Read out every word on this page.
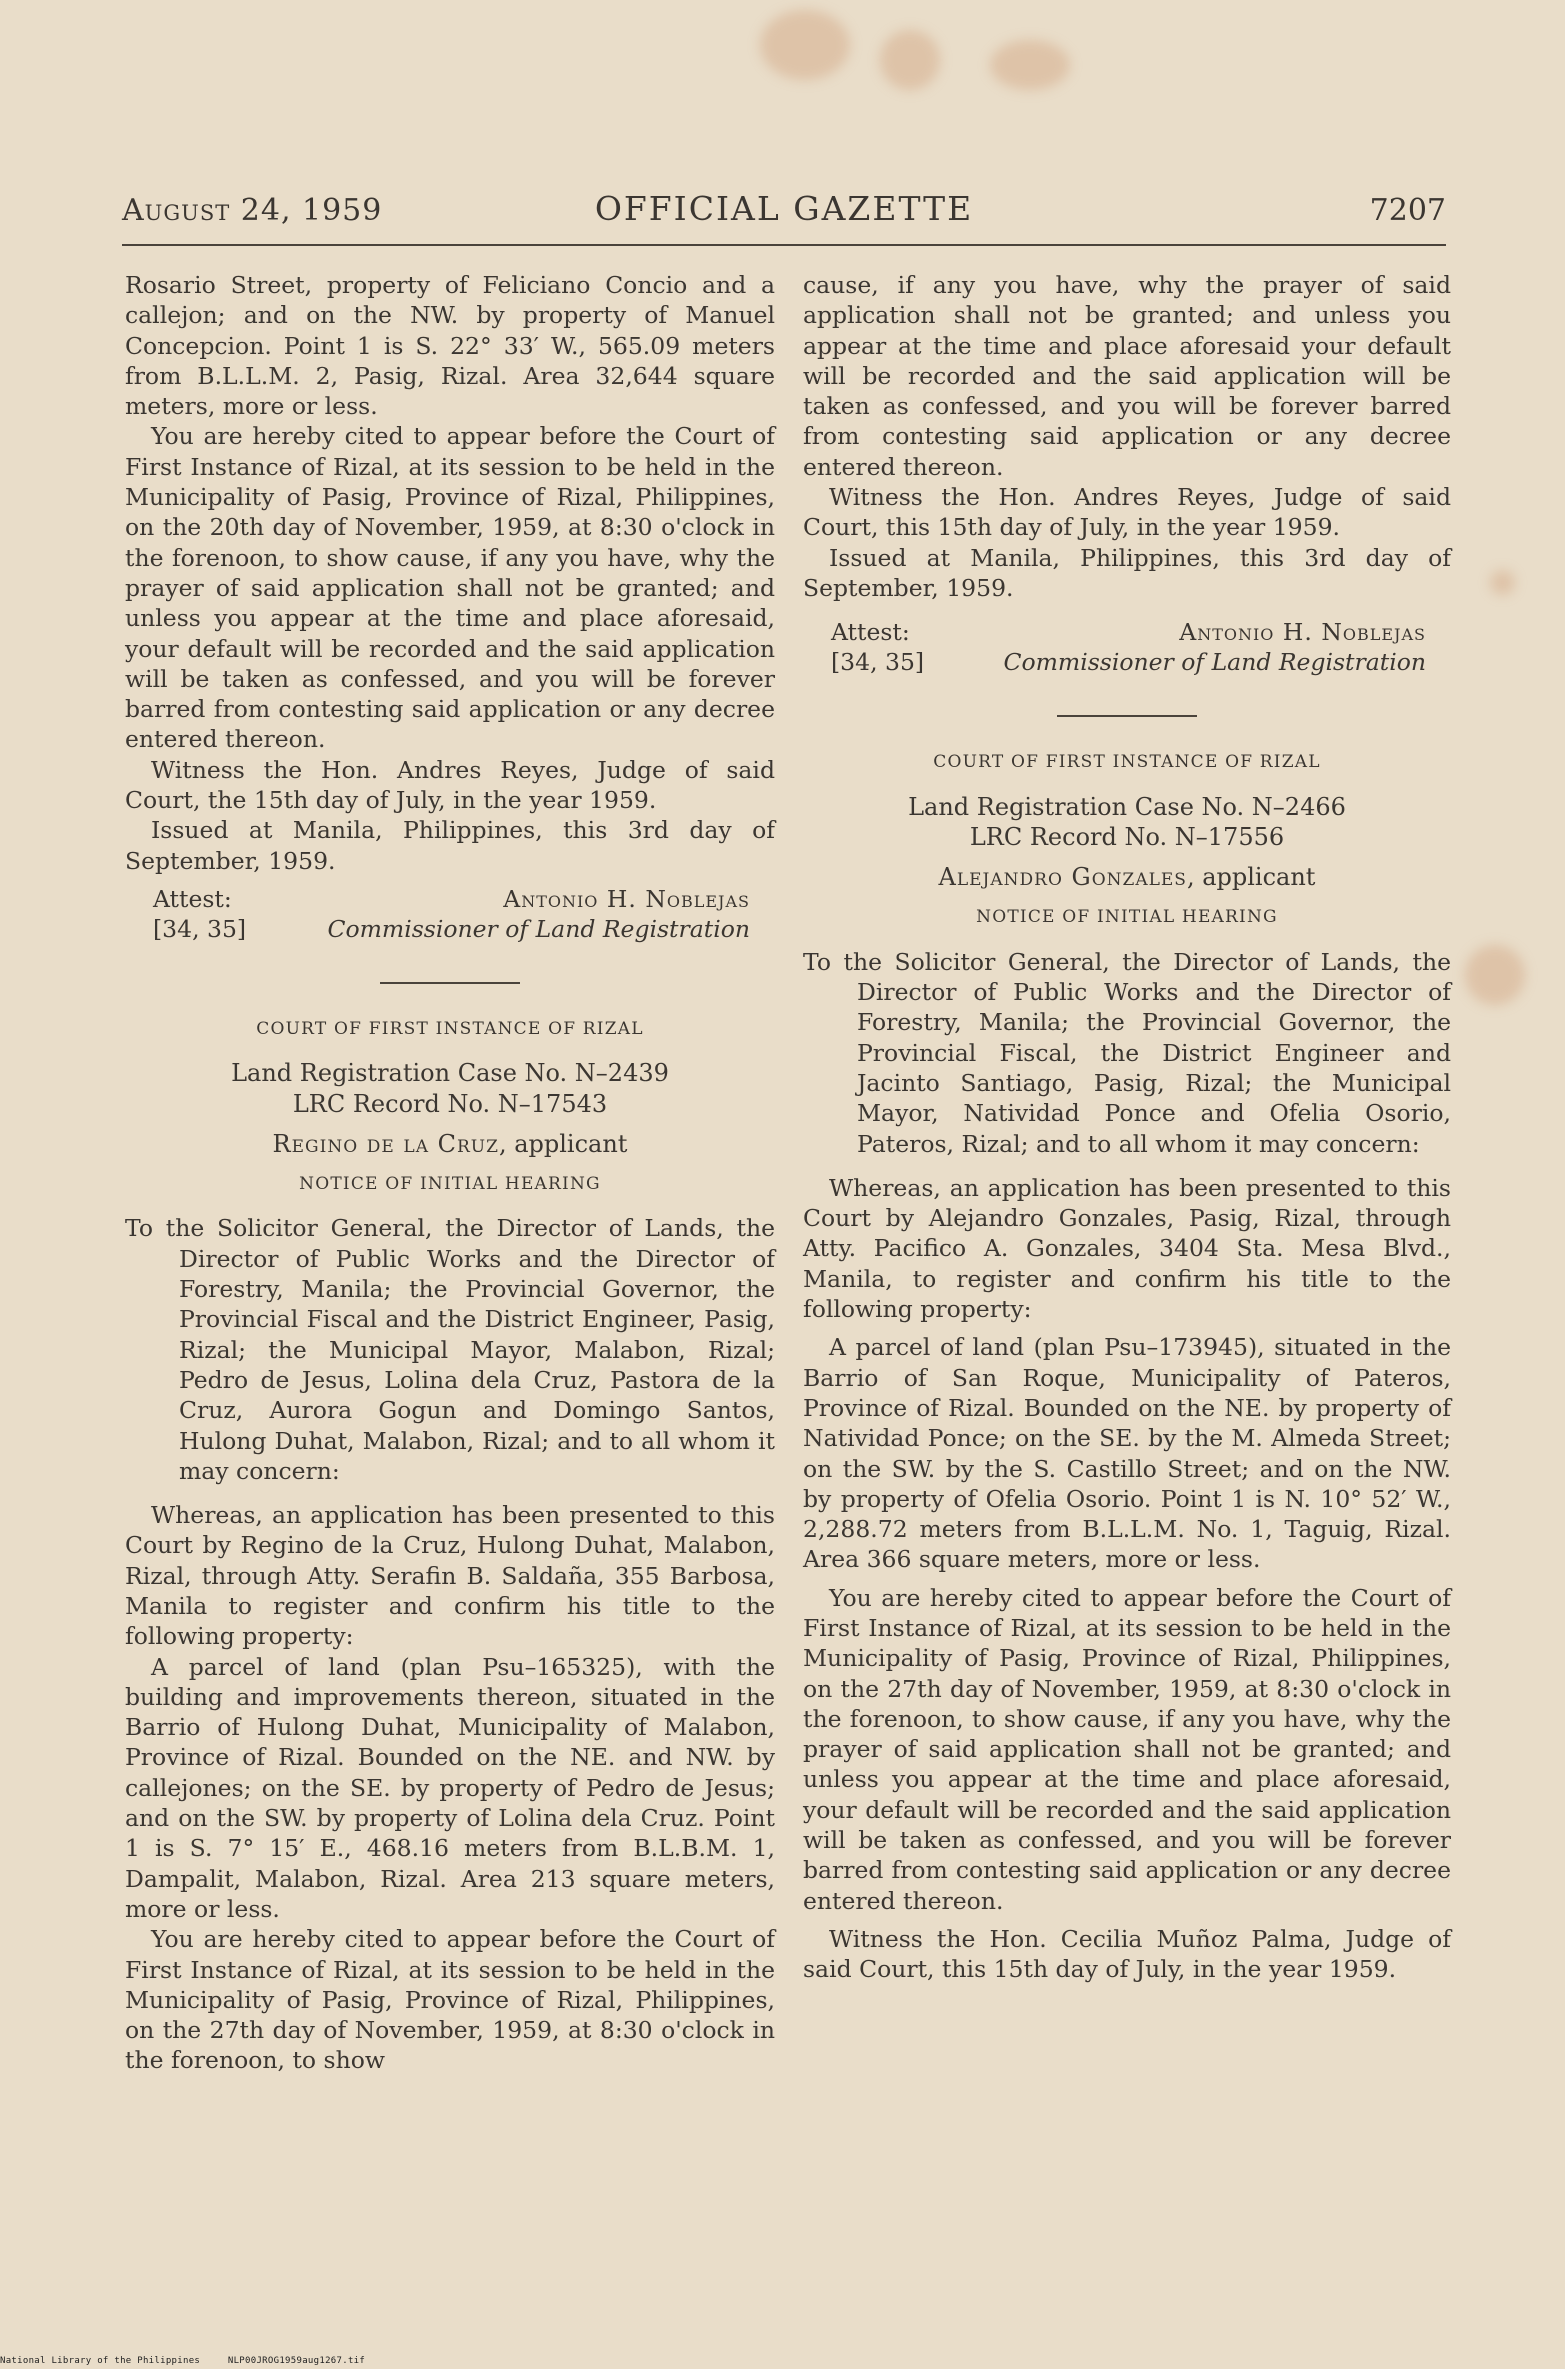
August 24, 1959	OFFICIAL GAZETTE	7207

Rosario Street, property of Feliciano Concio and a callejon; and on the NW. by property of Manuel Concepcion. Point 1 is S. 22° 33′ W., 565.09 meters from B.L.L.M. 2, Pasig, Rizal. Area 32,644 square meters, more or less.

You are hereby cited to appear before the Court of First Instance of Rizal, at its session to be held in the Municipality of Pasig, Province of Rizal, Philippines, on the 20th day of November, 1959, at 8:30 o'clock in the forenoon, to show cause, if any you have, why the prayer of said application shall not be granted; and unless you appear at the time and place aforesaid, your default will be recorded and the said application will be taken as confessed, and you will be forever barred from contesting said application or any decree entered thereon.

Witness the Hon. Andres Reyes, Judge of said Court, the 15th day of July, in the year 1959.

Issued at Manila, Philippines, this 3rd day of September, 1959.

Attest:	Antonio H. Noblejas
[34, 35]	Commissioner of Land Registration
COURT OF FIRST INSTANCE OF RIZAL
Land Registration Case No. N–2439
LRC Record No. N–17543
Regino de la Cruz, applicant
NOTICE OF INITIAL HEARING

To the Solicitor General, the Director of Lands, the Director of Public Works and the Director of Forestry, Manila; the Provincial Governor, the Provincial Fiscal and the District Engineer, Pasig, Rizal; the Municipal Mayor, Malabon, Rizal; Pedro de Jesus, Lolina dela Cruz, Pastora de la Cruz, Aurora Gogun and Domingo Santos, Hulong Duhat, Malabon, Rizal; and to all whom it may concern:

Whereas, an application has been presented to this Court by Regino de la Cruz, Hulong Duhat, Malabon, Rizal, through Atty. Serafin B. Saldaña, 355 Barbosa, Manila to register and confirm his title to the following property:

A parcel of land (plan Psu–165325), with the building and improvements thereon, situated in the Barrio of Hulong Duhat, Municipality of Malabon, Province of Rizal. Bounded on the NE. and NW. by callejones; on the SE. by property of Pedro de Jesus; and on the SW. by property of Lolina dela Cruz. Point 1 is S. 7° 15′ E., 468.16 meters from B.L.B.M. 1, Dampalit, Malabon, Rizal. Area 213 square meters, more or less.

You are hereby cited to appear before the Court of First Instance of Rizal, at its session to be held in the Municipality of Pasig, Province of Rizal, Philippines, on the 27th day of November, 1959, at 8:30 o'clock in the forenoon, to show

cause, if any you have, why the prayer of said application shall not be granted; and unless you appear at the time and place aforesaid your default will be recorded and the said application will be taken as confessed, and you will be forever barred from contesting said application or any decree entered thereon.

Witness the Hon. Andres Reyes, Judge of said Court, this 15th day of July, in the year 1959.

Issued at Manila, Philippines, this 3rd day of September, 1959.

Attest:	Antonio H. Noblejas
[34, 35]	Commissioner of Land Registration
COURT OF FIRST INSTANCE OF RIZAL
Land Registration Case No. N–2466
LRC Record No. N–17556
Alejandro Gonzales, applicant
NOTICE OF INITIAL HEARING

To the Solicitor General, the Director of Lands, the Director of Public Works and the Director of Forestry, Manila; the Provincial Governor, the Provincial Fiscal, the District Engineer and Jacinto Santiago, Pasig, Rizal; the Municipal Mayor, Natividad Ponce and Ofelia Osorio, Pateros, Rizal; and to all whom it may concern:

Whereas, an application has been presented to this Court by Alejandro Gonzales, Pasig, Rizal, through Atty. Pacifico A. Gonzales, 3404 Sta. Mesa Blvd., Manila, to register and confirm his title to the following property:

A parcel of land (plan Psu–173945), situated in the Barrio of San Roque, Municipality of Pateros, Province of Rizal. Bounded on the NE. by property of Natividad Ponce; on the SE. by the M. Almeda Street; on the SW. by the S. Castillo Street; and on the NW. by property of Ofelia Osorio. Point 1 is N. 10° 52′ W., 2,288.72 meters from B.L.L.M. No. 1, Taguig, Rizal. Area 366 square meters, more or less.

You are hereby cited to appear before the Court of First Instance of Rizal, at its session to be held in the Municipality of Pasig, Province of Rizal, Philippines, on the 27th day of November, 1959, at 8:30 o'clock in the forenoon, to show cause, if any you have, why the prayer of said application shall not be granted; and unless you appear at the time and place aforesaid, your default will be recorded and the said application will be taken as confessed, and you will be forever barred from contesting said application or any decree entered thereon.

Witness the Hon. Cecilia Muñoz Palma, Judge of said Court, this 15th day of July, in the year 1959.

National Library of the Philippines	NLP00JROG1959aug1267.tif
